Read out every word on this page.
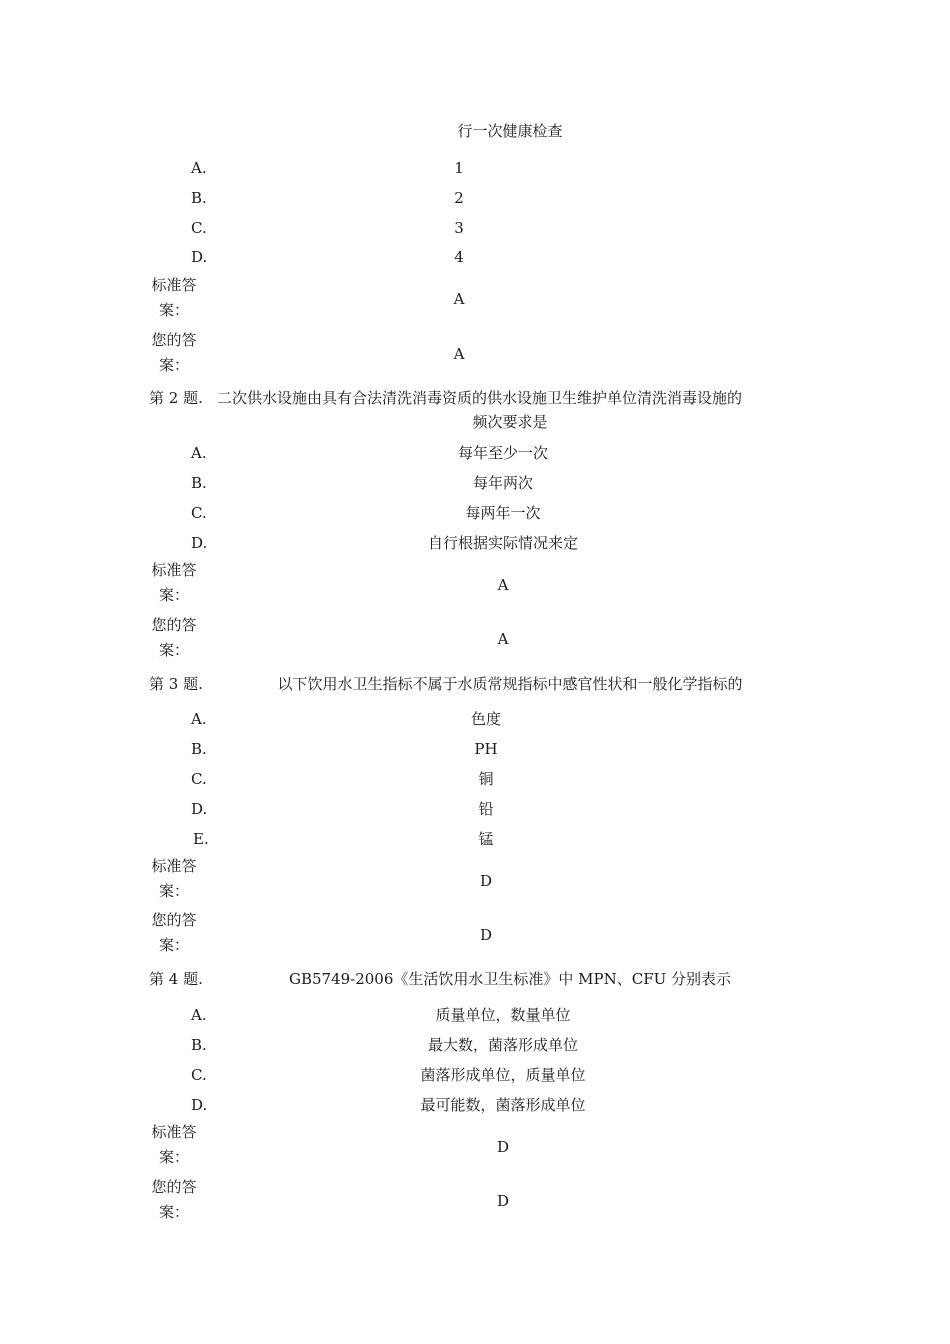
行一次健康检查
A.	1
B.	2
C.	3
D.	4
标准答案：
A
您的答案：
A
第 2 题. 二次供水设施由具有合法清洗消毒资质的供水设施卫生维护单位清洗消毒设施的
频次要求是
A.	每年至少一次
B.	每年两次
C.	每两年一次
D.	自行根据实际情况来定
标准答案：
A
您的答案：
A
第 3 题.	以下饮用水卫生指标不属于水质常规指标中感官性状和一般化学指标的
A.	色度
B.	PH
C.	铜
D.	铅
E.	锰
标准答案：
D
您的答案：
D
第 4 题.	GB5749-2006《生活饮用水卫生标准》中 MPN、CFU 分别表示
A.	质量单位，数量单位
B.	最大数，菌落形成单位
C.	菌落形成单位，质量单位
D.	最可能数，菌落形成单位
标准答案：
D
您的答案：
D
